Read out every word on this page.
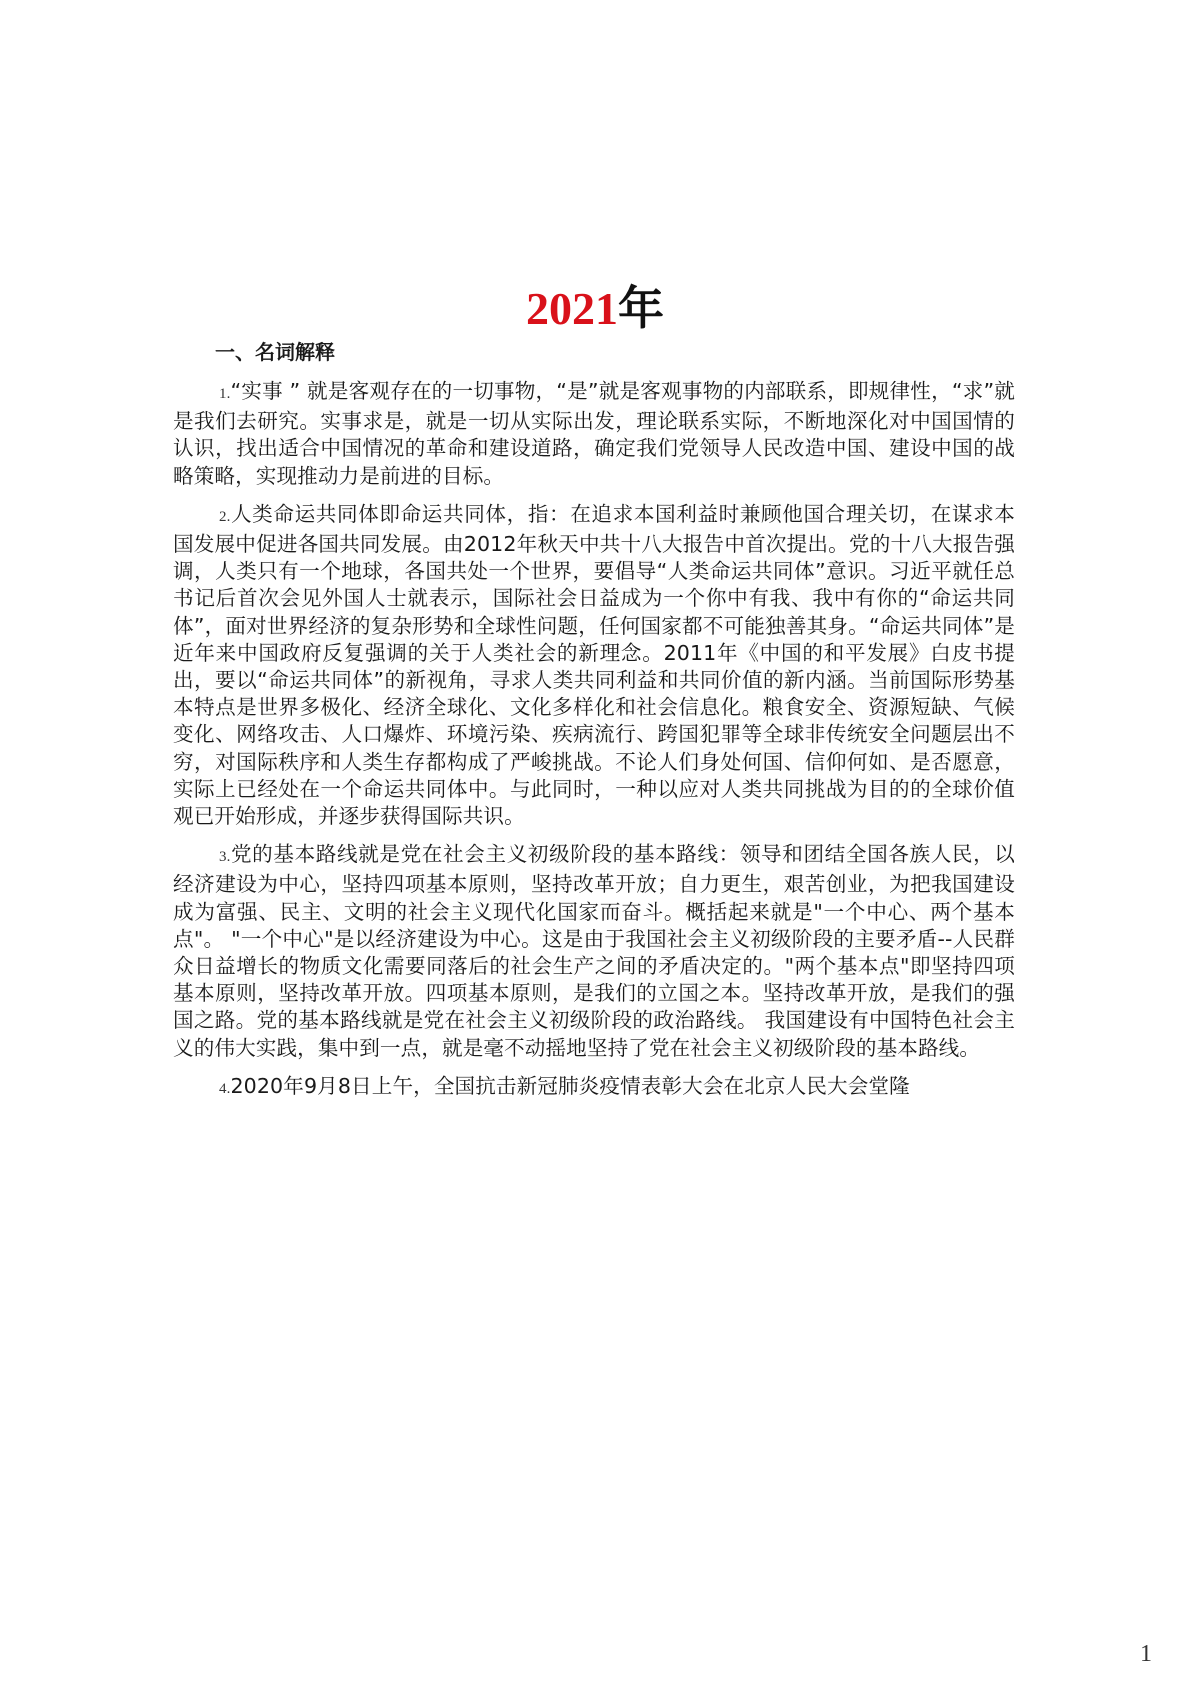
2021年
一、名词解释

1.“实事 ” 就是客观存在的一切事物，“是”就是客观事物的内部联系，即规律性，“求”就是我们去研究。实事求是，就是一切从实际出发，理论联系实际，不断地深化对中国国情的认识，找出适合中国情况的革命和建设道路，确定我们党领导人民改造中国、建设中国的战略策略，实现推动力是前进的目标。

2.人类命运共同体即命运共同体，指：在追求本国利益时兼顾他国合理关切，在谋求本国发展中促进各国共同发展。由2012年秋天中共十八大报告中首次提出。党的十八大报告强调，人类只有一个地球，各国共处一个世界，要倡导“人类命运共同体”意识。习近平就任总书记后首次会见外国人士就表示，国际社会日益成为一个你中有我、我中有你的“命运共同体”，面对世界经济的复杂形势和全球性问题，任何国家都不可能独善其身。“命运共同体”是近年来中国政府反复强调的关于人类社会的新理念。2011年《中国的和平发展》白皮书提出，要以“命运共同体”的新视角，寻求人类共同利益和共同价值的新内涵。当前国际形势基本特点是世界多极化、经济全球化、文化多样化和社会信息化。粮食安全、资源短缺、气候变化、网络攻击、人口爆炸、环境污染、疾病流行、跨国犯罪等全球非传统安全问题层出不穷，对国际秩序和人类生存都构成了严峻挑战。不论人们身处何国、信仰何如、是否愿意，实际上已经处在一个命运共同体中。与此同时，一种以应对人类共同挑战为目的的全球价值观已开始形成，并逐步获得国际共识。

3.党的基本路线就是党在社会主义初级阶段的基本路线：领导和团结全国各族人民，以经济建设为中心，坚持四项基本原则，坚持改革开放；自力更生，艰苦创业，为把我国建设成为富强、民主、文明的社会主义现代化国家而奋斗。概括起来就是"一个中心、两个基本点"。 "一个中心"是以经济建设为中心。这是由于我国社会主义初级阶段的主要矛盾--人民群众日益增长的物质文化需要同落后的社会生产之间的矛盾决定的。"两个基本点"即坚持四项基本原则，坚持改革开放。四项基本原则，是我们的立国之本。坚持改革开放，是我们的强国之路。党的基本路线就是党在社会主义初级阶段的政治路线。 我国建设有中国特色社会主义的伟大实践，集中到一点，就是毫不动摇地坚持了党在社会主义初级阶段的基本路线。

4.2020年9月8日上午，全国抗击新冠肺炎疫情表彰大会在北京人民大会堂隆

1
